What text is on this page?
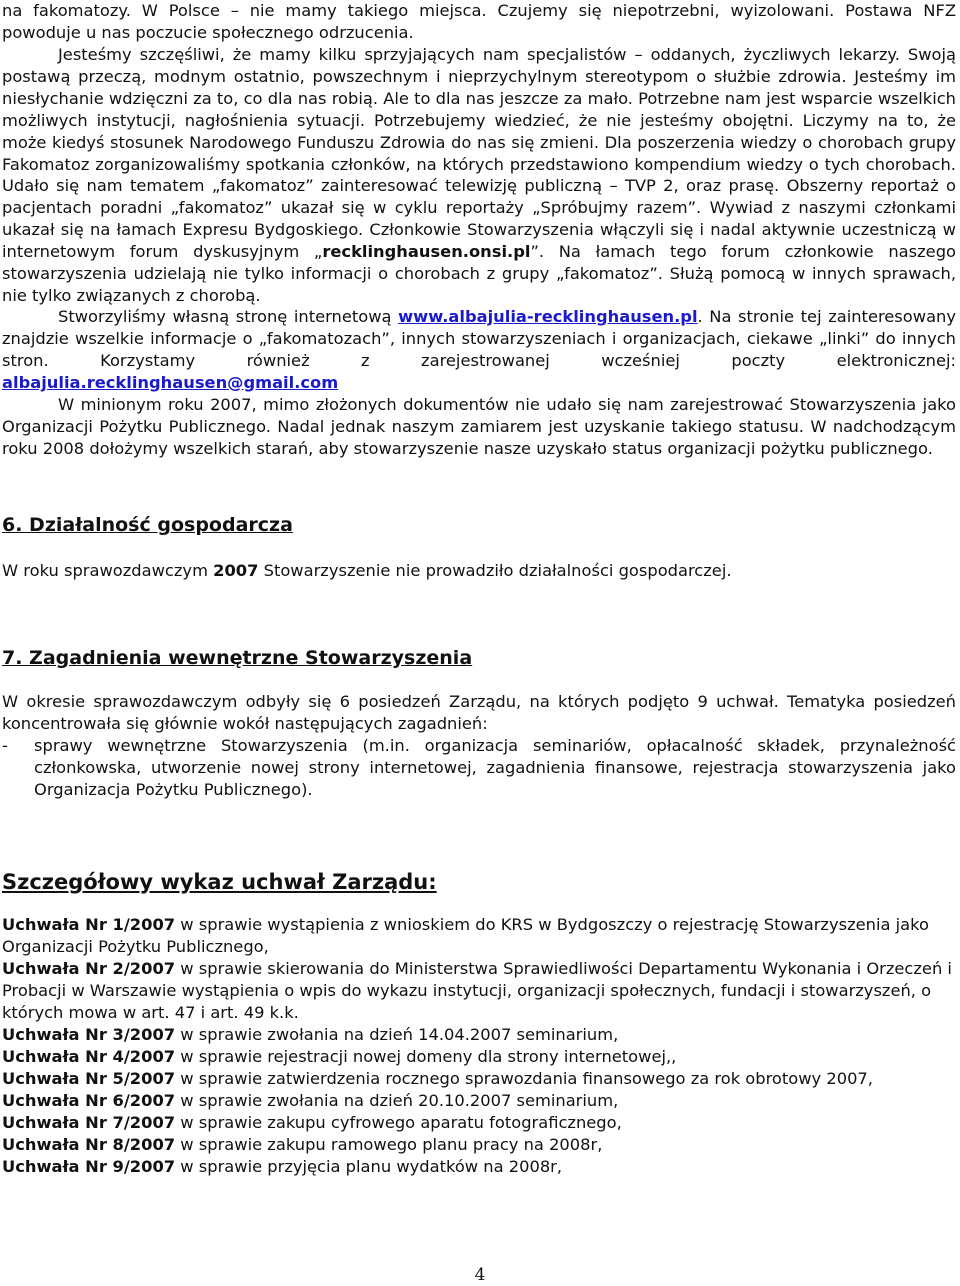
na fakomatozy. W Polsce – nie mamy takiego miejsca. Czujemy się niepotrzebni, wyizolowani. Postawa NFZ powoduje u nas poczucie społecznego odrzucenia.

Jesteśmy szczęśliwi, że mamy kilku sprzyjających nam specjalistów – oddanych, życzliwych lekarzy. Swoją postawą przeczą, modnym ostatnio, powszechnym i nieprzychylnym stereotypom o służbie zdrowia. Jesteśmy im niesłychanie wdzięczni za to, co dla nas robią. Ale to dla nas jeszcze za mało. Potrzebne nam jest wsparcie wszelkich możliwych instytucji, nagłośnienia sytuacji. Potrzebujemy wiedzieć, że nie jesteśmy obojętni. Liczymy na to, że może kiedyś stosunek Narodowego Funduszu Zdrowia do nas się zmieni. Dla poszerzenia wiedzy o chorobach grupy Fakomatoz zorganizowaliśmy spotkania członków, na których przedstawiono kompendium wiedzy o tych chorobach. Udało się nam tematem „fakomatoz” zainteresować telewizję publiczną – TVP 2, oraz prasę. Obszerny reportaż o pacjentach poradni „fakomatoz” ukazał się w cyklu reportaży „Spróbujmy razem”. Wywiad z naszymi członkami ukazał się na łamach Expresu Bydgoskiego. Członkowie Stowarzyszenia włączyli się i nadal aktywnie uczestniczą w internetowym forum dyskusyjnym „recklinghausen.onsi.pl”. Na łamach tego forum członkowie naszego stowarzyszenia udzielają nie tylko informacji o chorobach z grupy „fakomatoz”. Służą pomocą w innych sprawach, nie tylko związanych z chorobą.

Stworzyliśmy własną stronę internetową www.albajulia-recklinghausen.pl. Na stronie tej zainteresowany znajdzie wszelkie informacje o „fakomatozach”, innych stowarzyszeniach i organizacjach, ciekawe „linki” do innych stron. Korzystamy również z zarejestrowanej wcześniej poczty elektronicznej: albajulia.recklinghausen@gmail.com

W minionym roku 2007, mimo złożonych dokumentów nie udało się nam zarejestrować Stowarzyszenia jako Organizacji Pożytku Publicznego. Nadal jednak naszym zamiarem jest uzyskanie takiego statusu. W nadchodzącym roku 2008 dołożymy wszelkich starań, aby stowarzyszenie nasze uzyskało status organizacji pożytku publicznego.

6. Działalność gospodarcza

W roku sprawozdawczym 2007 Stowarzyszenie nie prowadziło działalności gospodarczej.

7. Zagadnienia wewnętrzne Stowarzyszenia

W okresie sprawozdawczym odbyły się 6 posiedzeń Zarządu, na których podjęto 9 uchwał. Tematyka posiedzeń koncentrowała się głównie wokół następujących zagadnień:

- sprawy wewnętrzne Stowarzyszenia (m.in. organizacja seminariów, opłacalność składek, przynależność członkowska, utworzenie nowej strony internetowej, zagadnienia finansowe, rejestracja stowarzyszenia jako Organizacja Pożytku Publicznego).
Szczegółowy wykaz uchwał Zarządu:

Uchwała Nr 1/2007 w sprawie wystąpienia z wnioskiem do KRS w Bydgoszczy o rejestrację Stowarzyszenia jako Organizacji Pożytku Publicznego,

Uchwała Nr 2/2007 w sprawie skierowania do Ministerstwa Sprawiedliwości Departamentu Wykonania i Orzeczeń i Probacji w Warszawie wystąpienia o wpis do wykazu instytucji, organizacji społecznych, fundacji i stowarzyszeń, o których mowa w art. 47 i art. 49 k.k.

Uchwała Nr 3/2007 w sprawie zwołania na dzień 14.04.2007 seminarium,

Uchwała Nr 4/2007 w sprawie rejestracji nowej domeny dla strony internetowej,,

Uchwała Nr 5/2007 w sprawie zatwierdzenia rocznego sprawozdania finansowego za rok obrotowy 2007,

Uchwała Nr 6/2007 w sprawie zwołania na dzień 20.10.2007 seminarium,

Uchwała Nr 7/2007 w sprawie zakupu cyfrowego aparatu fotograficznego,

Uchwała Nr 8/2007 w sprawie zakupu ramowego planu pracy na 2008r,

Uchwała Nr 9/2007 w sprawie przyjęcia planu wydatków na 2008r,

4
